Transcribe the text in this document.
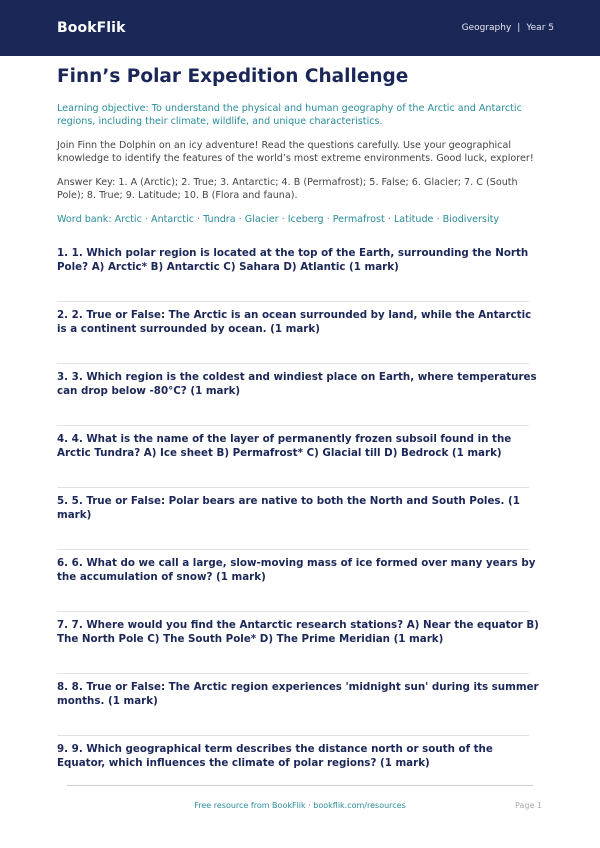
BookFlik	Geography | Year 5
Finn’s Polar Expedition Challenge

Learning objective: To understand the physical and human geography of the Arctic and Antarctic regions, including their climate, wildlife, and unique characteristics.

Join Finn the Dolphin on an icy adventure! Read the questions carefully. Use your geographical knowledge to identify the features of the world’s most extreme environments. Good luck, explorer!

Answer Key: 1. A (Arctic); 2. True; 3. Antarctic; 4. B (Permafrost); 5. False; 6. Glacier; 7. C (South Pole); 8. True; 9. Latitude; 10. B (Flora and fauna).

Word bank: Arctic · Antarctic · Tundra · Glacier · Iceberg · Permafrost · Latitude · Biodiversity

1. 1. Which polar region is located at the top of the Earth, surrounding the North Pole? A) Arctic* B) Antarctic C) Sahara D) Atlantic (1 mark)
2. 2. True or False: The Arctic is an ocean surrounded by land, while the Antarctic is a continent surrounded by ocean. (1 mark)
3. 3. Which region is the coldest and windiest place on Earth, where temperatures can drop below -80°C? (1 mark)
4. 4. What is the name of the layer of permanently frozen subsoil found in the Arctic Tundra? A) Ice sheet B) Permafrost* C) Glacial till D) Bedrock (1 mark)
5. 5. True or False: Polar bears are native to both the North and South Poles. (1 mark)
6. 6. What do we call a large, slow-moving mass of ice formed over many years by the accumulation of snow? (1 mark)
7. 7. Where would you find the Antarctic research stations? A) Near the equator B) The North Pole C) The South Pole* D) The Prime Meridian (1 mark)
8. 8. True or False: The Arctic region experiences 'midnight sun' during its summer months. (1 mark)
9. 9. Which geographical term describes the distance north or south of the Equator, which influences the climate of polar regions? (1 mark)
Free resource from BookFlik · bookflik.com/resources	Page 1
